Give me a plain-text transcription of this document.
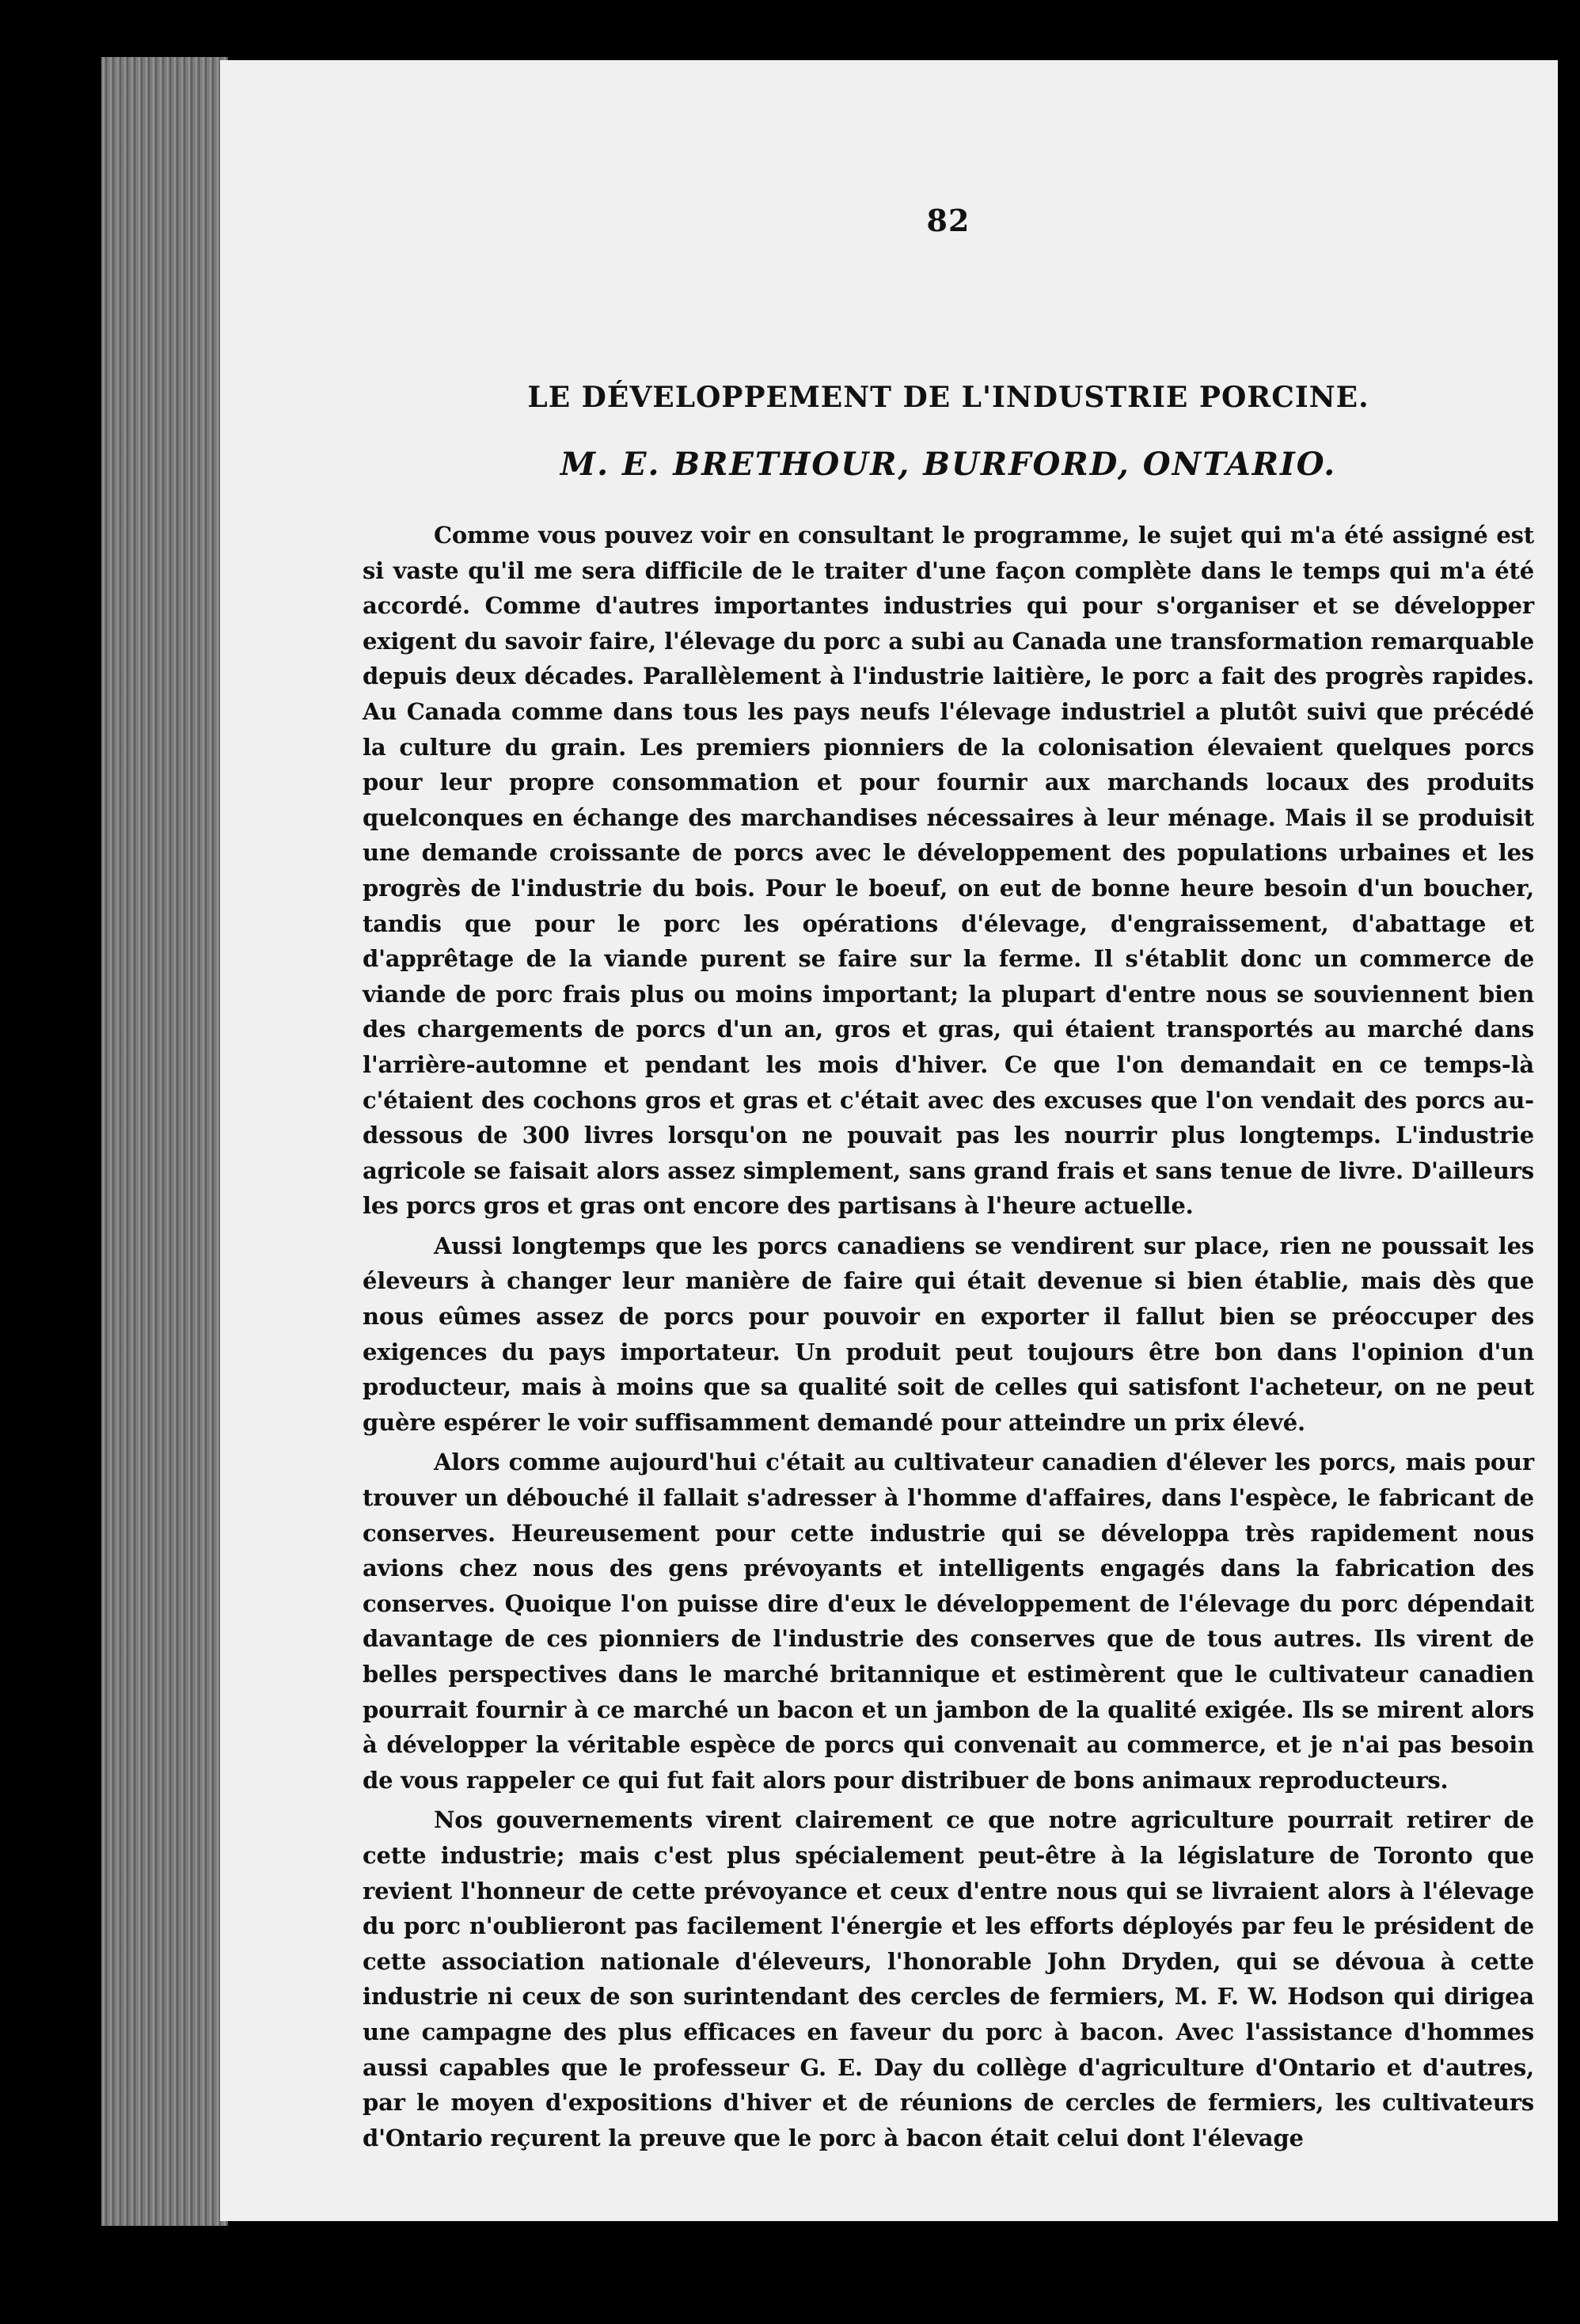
82
LE DÉVELOPPEMENT DE L'INDUSTRIE PORCINE.
M. E. BRETHOUR, BURFORD, ONTARIO.

Comme vous pouvez voir en consultant le programme, le sujet qui m'a été assigné est si vaste qu'il me sera difficile de le traiter d'une façon complète dans le temps qui m'a été accordé. Comme d'autres importantes industries qui pour s'organiser et se développer exigent du savoir faire, l'élevage du porc a subi au Canada une transformation remarquable depuis deux décades. Parallèlement à l'industrie laitière, le porc a fait des progrès rapides. Au Canada comme dans tous les pays neufs l'élevage industriel a plutôt suivi que précédé la culture du grain. Les premiers pionniers de la colonisation élevaient quelques porcs pour leur propre consommation et pour fournir aux marchands locaux des produits quelconques en échange des marchandises nécessaires à leur ménage. Mais il se produisit une demande croissante de porcs avec le développement des populations urbaines et les progrès de l'industrie du bois. Pour le boeuf, on eut de bonne heure besoin d'un boucher, tandis que pour le porc les opérations d'élevage, d'engraissement, d'abattage et d'apprêtage de la viande purent se faire sur la ferme. Il s'établit donc un commerce de viande de porc frais plus ou moins important; la plupart d'entre nous se souviennent bien des chargements de porcs d'un an, gros et gras, qui étaient transportés au marché dans l'arrière-automne et pendant les mois d'hiver. Ce que l'on demandait en ce temps-là c'étaient des cochons gros et gras et c'était avec des excuses que l'on vendait des porcs au-dessous de 300 livres lorsqu'on ne pouvait pas les nourrir plus longtemps. L'industrie agricole se faisait alors assez simplement, sans grand frais et sans tenue de livre. D'ailleurs les porcs gros et gras ont encore des partisans à l'heure actuelle.

Aussi longtemps que les porcs canadiens se vendirent sur place, rien ne poussait les éleveurs à changer leur manière de faire qui était devenue si bien établie, mais dès que nous eûmes assez de porcs pour pouvoir en exporter il fallut bien se préoccuper des exigences du pays importateur. Un produit peut toujours être bon dans l'opinion d'un producteur, mais à moins que sa qualité soit de celles qui satisfont l'acheteur, on ne peut guère espérer le voir suffisamment demandé pour atteindre un prix élevé.

Alors comme aujourd'hui c'était au cultivateur canadien d'élever les porcs, mais pour trouver un débouché il fallait s'adresser à l'homme d'affaires, dans l'espèce, le fabricant de conserves. Heureusement pour cette industrie qui se développa très rapidement nous avions chez nous des gens prévoyants et intelligents engagés dans la fabrication des conserves. Quoique l'on puisse dire d'eux le développement de l'élevage du porc dépendait davantage de ces pionniers de l'industrie des conserves que de tous autres. Ils virent de belles perspectives dans le marché britannique et estimèrent que le cultivateur canadien pourrait fournir à ce marché un bacon et un jambon de la qualité exigée. Ils se mirent alors à développer la véritable espèce de porcs qui convenait au commerce, et je n'ai pas besoin de vous rappeler ce qui fut fait alors pour distribuer de bons animaux reproducteurs.

Nos gouvernements virent clairement ce que notre agriculture pourrait retirer de cette industrie; mais c'est plus spécialement peut-être à la législature de Toronto que revient l'honneur de cette prévoyance et ceux d'entre nous qui se livraient alors à l'élevage du porc n'oublieront pas facilement l'énergie et les efforts déployés par feu le président de cette association nationale d'éleveurs, l'honorable John Dryden, qui se dévoua à cette industrie ni ceux de son surintendant des cercles de fermiers, M. F. W. Hodson qui dirigea une campagne des plus efficaces en faveur du porc à bacon. Avec l'assistance d'hommes aussi capables que le professeur G. E. Day du collège d'agriculture d'Ontario et d'autres, par le moyen d'expositions d'hiver et de réunions de cercles de fermiers, les cultivateurs d'Ontario reçurent la preuve que le porc à bacon était celui dont l'élevage
